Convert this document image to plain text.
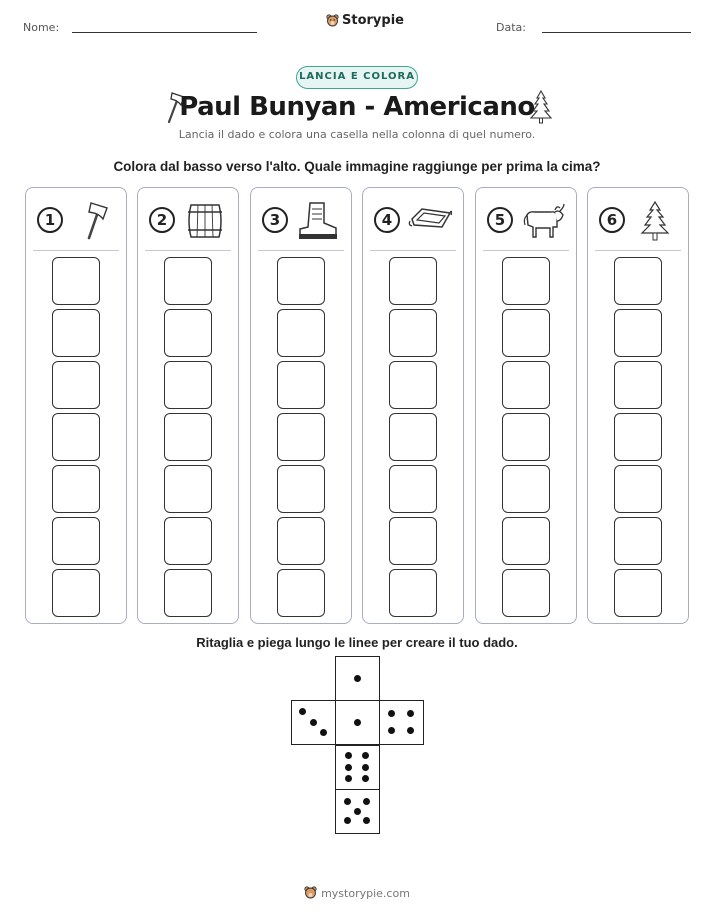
Nome:	Storypie	Data:
LANCIA E COLORA
Paul Bunyan - Americano
Lancia il dado e colora una casella nella colonna di quel numero.
Colora dal basso verso l'alto. Quale immagine raggiunge per prima la cima?
1	2	3	4	5	6
Ritaglia e piega lungo le linee per creare il tuo dado.
mystorypie.com
